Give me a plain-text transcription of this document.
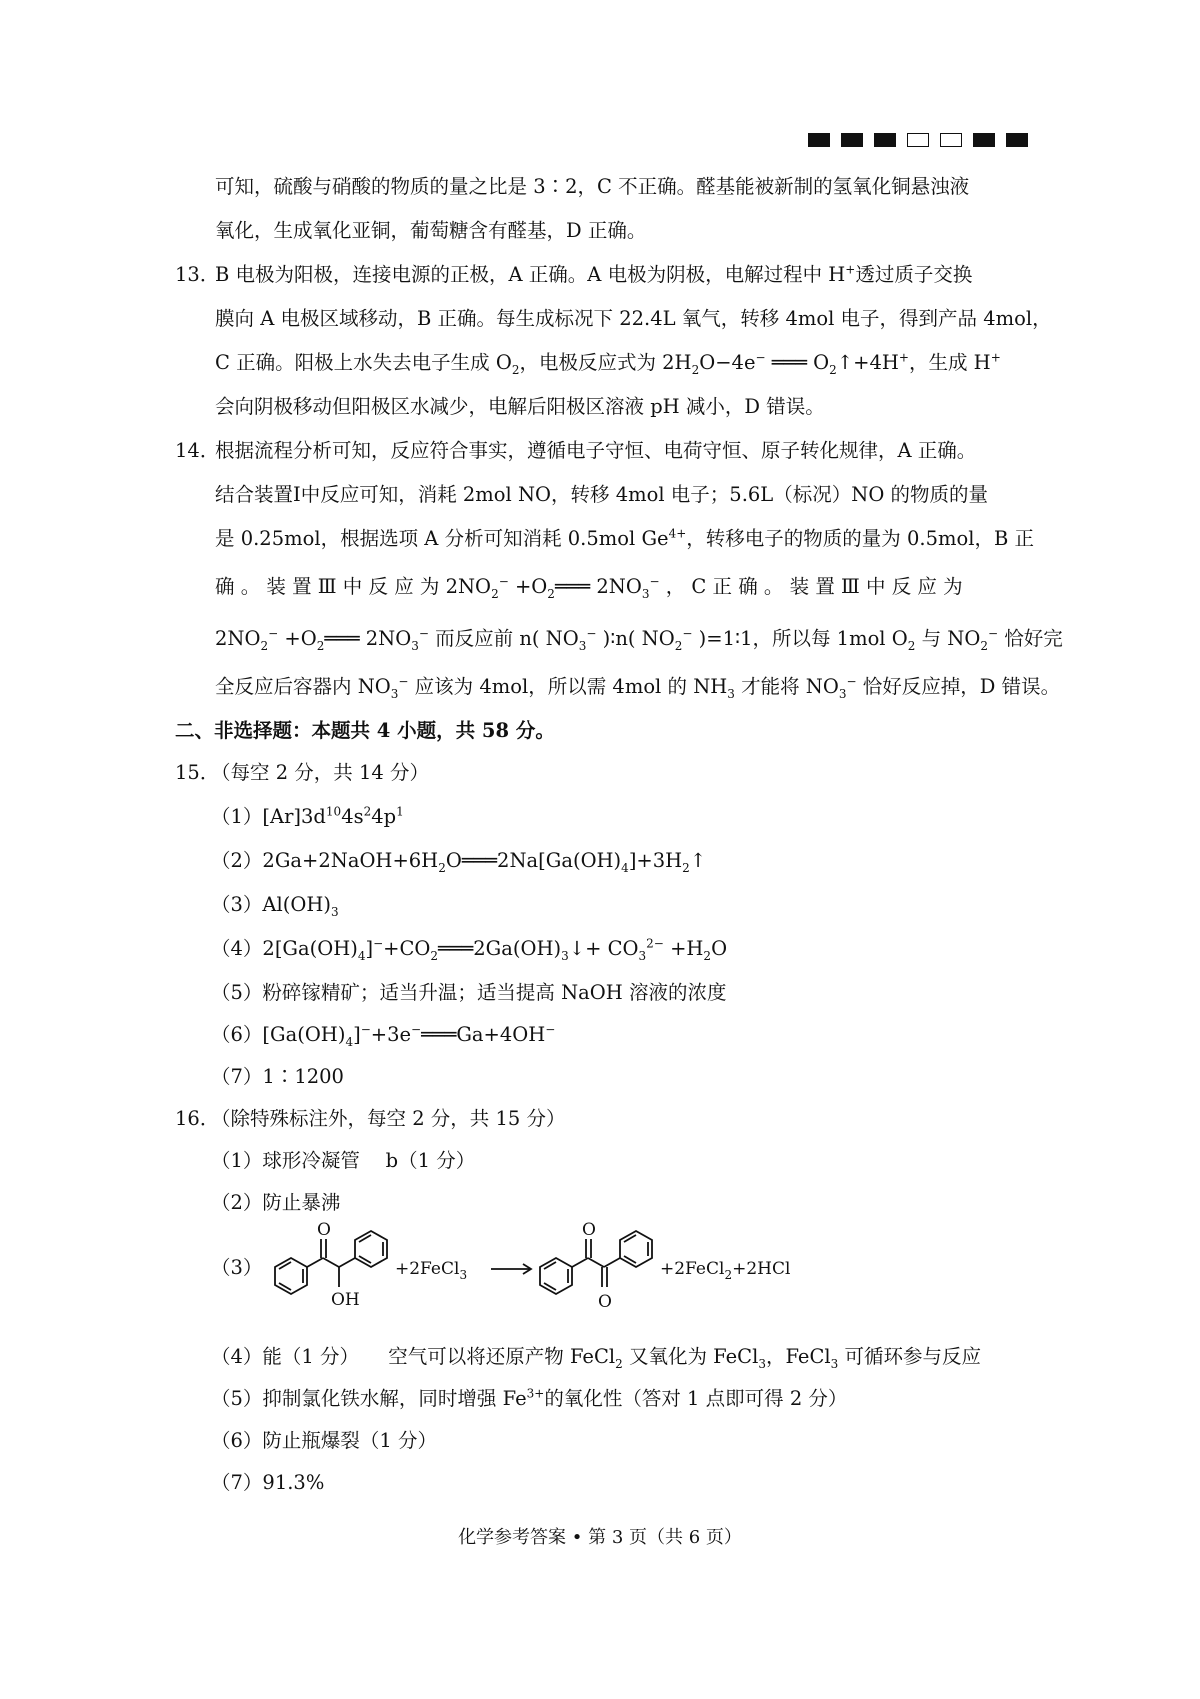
可知，硫酸与硝酸的物质的量之比是 3∶2，C 不正确。醛基能被新制的氢氧化铜悬浊液
氧化，生成氧化亚铜，葡萄糖含有醛基，D 正确。
13．
B 电极为阳极，连接电源的正极，A 正确。A 电极为阴极，电解过程中 H+透过质子交换
膜向 A 电极区域移动，B 正确。每生成标况下 22.4L 氧气，转移 4mol 电子，得到产品 4mol，
C 正确。阳极上水失去电子生成 $O_2$，电极反应式为 $2H_2O-4e^-$ ═══ $O_2↑+4H^+$，生成 H+
会向阴极移动但阳极区水减少，电解后阳极区溶液 pH 减小，D 错误。
14．
根据流程分析可知，反应符合事实，遵循电子守恒、电荷守恒、原子转化规律，A 正确。
结合装置Ⅰ中反应可知，消耗 2mol NO，转移 4mol 电子；5.6L（标况）NO 的物质的量
是 0.25mol，根据选项 A 分析可知消耗 0.5mol $Ge^{4+}$，转移电子的物质的量为 0.5mol，B 正
确 。 装 置 Ⅲ 中 反 应 为 $2NO_2^-$ $+O_2═══$ $2NO_3^-$ ， C 正 确 。 装 置 Ⅲ 中 反 应 为
$2NO_2^-$ $+O_2═══$ $2NO_3^-$ 而反应前 n( $NO_3^-$ )∶n( $NO_2^-$ )=1∶1，所以每 1mol $O_2$ 与 $NO_2^-$ 恰好完
全反应后容器内 $NO_3^-$ 应该为 4mol，所以需 4mol 的 $NH_3$ 才能将 $NO_3^-$ 恰好反应掉，D 错误。
二、非选择题：本题共 4 小题，共 58 分。
15．
（每空 2 分，共 14 分）
$(1)[Ar]3d^{10}4s^24p^1$
$(2)2Ga+2NaOH+6H_2O═══2Na[Ga(OH)_4]+3H_2↑$
$(3)Al(OH)_3$
$(4)2[Ga(OH)_4]^-+CO_2═══2Ga(OH)_3↓+ CO_3^{2-} +H_2O$
（5）粉碎镓精矿；适当升温；适当提高 NaOH 溶液的浓度
$(6)[Ga(OH)_4]^-+3e^-═══Ga+4OH^-$
（7）1∶1200
16．
（除特殊标注外，每空 2 分，共 15 分）
（1）球形冷凝管　 b（1 分）
（2）防止暴沸
（3）
O
OH
O
O
+2FeCl$_3$	+2FeCl$_2$+2HCl
（4）能（1 分）　　空气可以将还原产物 FeCl$_2$ 又氧化为 FeCl$_3$，FeCl$_3$ 可循环参与反应
（5）抑制氯化铁水解，同时增强 $Fe^{3+}$的氧化性（答对 1 点即可得 2 分）
（6）防止瓶爆裂（1 分）
（7）91.3%
化学参考答案 • 第 3 页（共 6 页）
